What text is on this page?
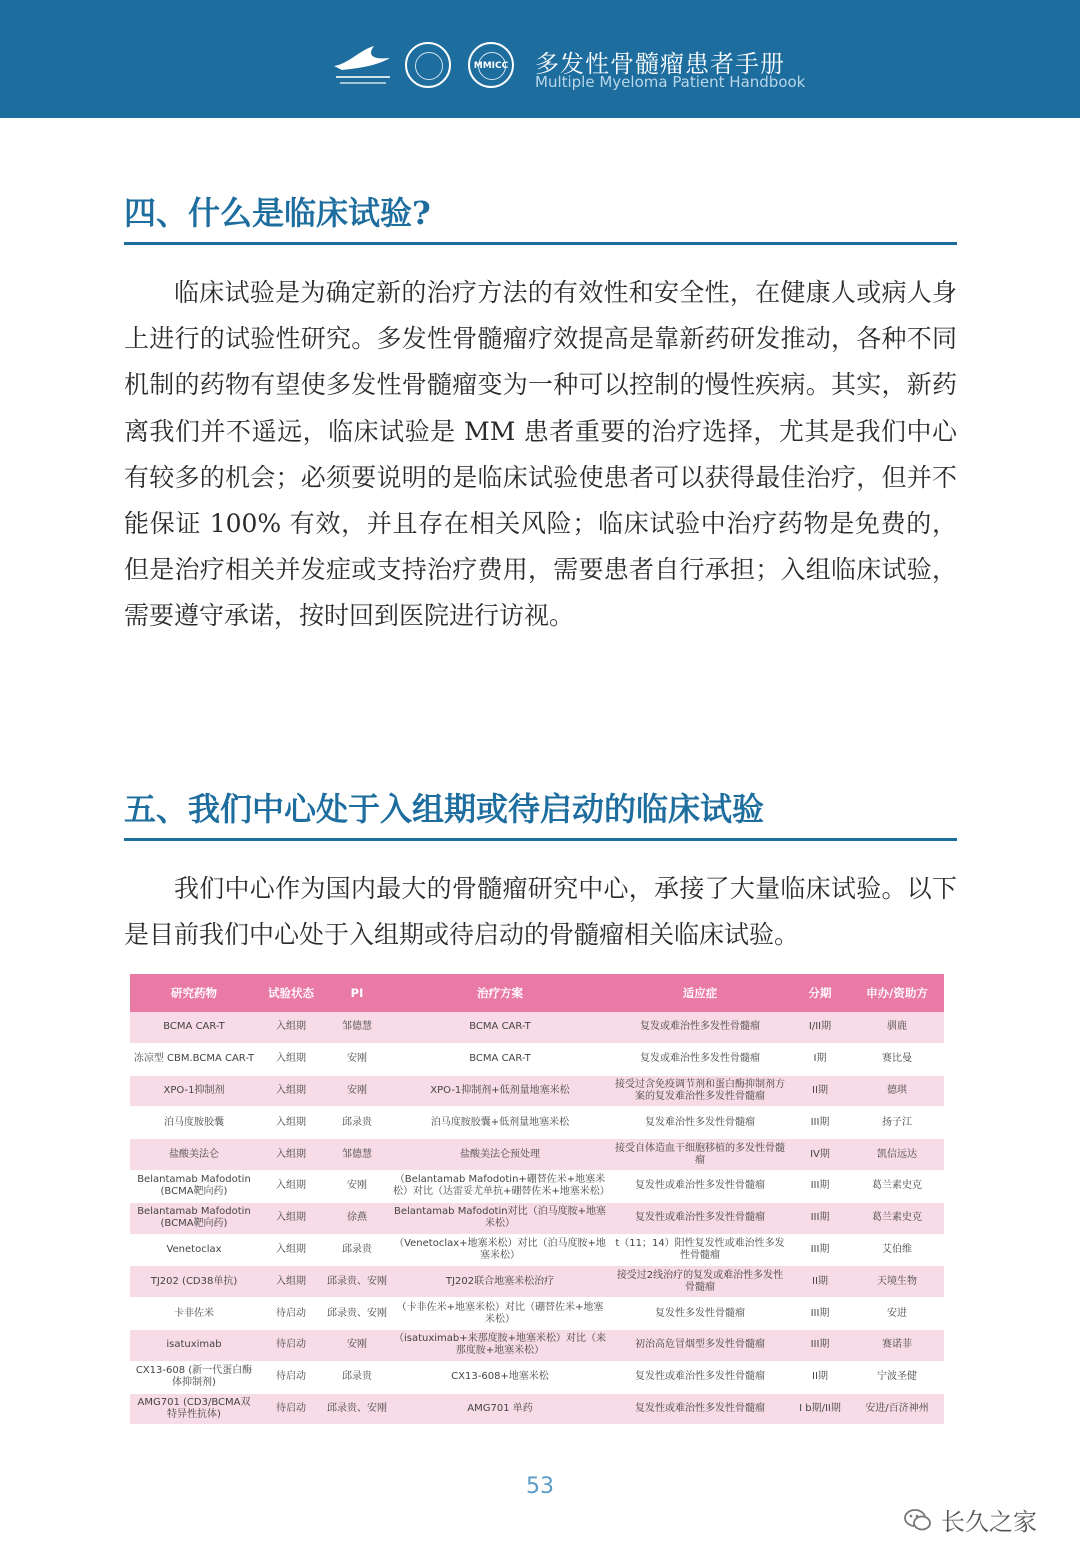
MMICC 多发性骨髓瘤患者手册
Multiple Myeloma Patient Handbook
四、什么是临床试验?
临床试验是为确定新的治疗方法的有效性和安全性，在健康人或病人身上进行的试验性研究。多发性骨髓瘤疗效提高是靠新药研发推动，各种不同机制的药物有望使多发性骨髓瘤变为一种可以控制的慢性疾病。其实，新药离我们并不遥远，临床试验是 MM 患者重要的治疗选择，尤其是我们中心有较多的机会；必须要说明的是临床试验使患者可以获得最佳治疗，但并不能保证 100% 有效，并且存在相关风险；临床试验中治疗药物是免费的，但是治疗相关并发症或支持治疗费用，需要患者自行承担；入组临床试验，需要遵守承诺，按时回到医院进行访视。
五、我们中心处于入组期或待启动的临床试验
我们中心作为国内最大的骨髓瘤研究中心，承接了大量临床试验。以下是目前我们中心处于入组期或待启动的骨髓瘤相关临床试验。
研究药物	试验状态	PI	治疗方案	适应症	分期	申办/资助方
BCMA CAR-T	入组期	邹德慧	BCMA CAR-T	复发或难治性多发性骨髓瘤	I/II期	驯鹿
冻凉型 CBM.BCMA CAR-T	入组期	安刚	BCMA CAR-T	复发或难治性多发性骨髓瘤	I期	赛比曼
XPO-1抑制剂	入组期	安刚	XPO-1抑制剂+低剂量地塞米松	接受过含免疫调节剂和蛋白酶抑制剂方案的复发难治性多发性骨髓瘤	II期	德琪
泊马度胺胶囊	入组期	邱录贵	泊马度胺胶囊+低剂量地塞米松	复发难治性多发性骨髓瘤	III期	扬子江
盐酸美法仑	入组期	邹德慧	盐酸美法仑预处理	接受自体造血干细胞移植的多发性骨髓瘤	IV期	凯信远达
Belantamab Mafodotin (BCMA靶向药)	入组期	安刚	（Belantamab Mafodotin+硼替佐米+地塞米松）对比（达雷妥尤单抗+硼替佐米+地塞米松）	复发性或难治性多发性骨髓瘤	III期	葛兰素史克
Belantamab Mafodotin (BCMA靶向药)	入组期	徐燕	Belantamab Mafodotin对比（泊马度胺+地塞米松）	复发性或难治性多发性骨髓瘤	III期	葛兰素史克
Venetoclax	入组期	邱录贵	（Venetoclax+地塞米松）对比（泊马度胺+地塞米松）	t（11；14）阳性复发性或难治性多发性骨髓瘤	III期	艾伯维
TJ202 (CD38单抗)	入组期	邱录贵、安刚	TJ202联合地塞米松治疗	接受过2线治疗的复发或难治性多发性骨髓瘤	II期	天境生物
卡非佐米	待启动	邱录贵、安刚	（卡非佐米+地塞米松）对比（硼替佐米+地塞米松）	复发性多发性骨髓瘤	III期	安进
isatuximab	待启动	安刚	（isatuximab+来那度胺+地塞米松）对比（来那度胺+地塞米松）	初治高危冒烟型多发性骨髓瘤	III期	赛诺菲
CX13-608 (新一代蛋白酶体抑制剂)	待启动	邱录贵	CX13-608+地塞米松	复发性或难治性多发性骨髓瘤	II期	宁波圣健
AMG701 (CD3/BCMA双特异性抗体)	待启动	邱录贵、安刚	AMG701 单药	复发性或难治性多发性骨髓瘤	I b期/II期	安进/百济神州
53
长久之家
